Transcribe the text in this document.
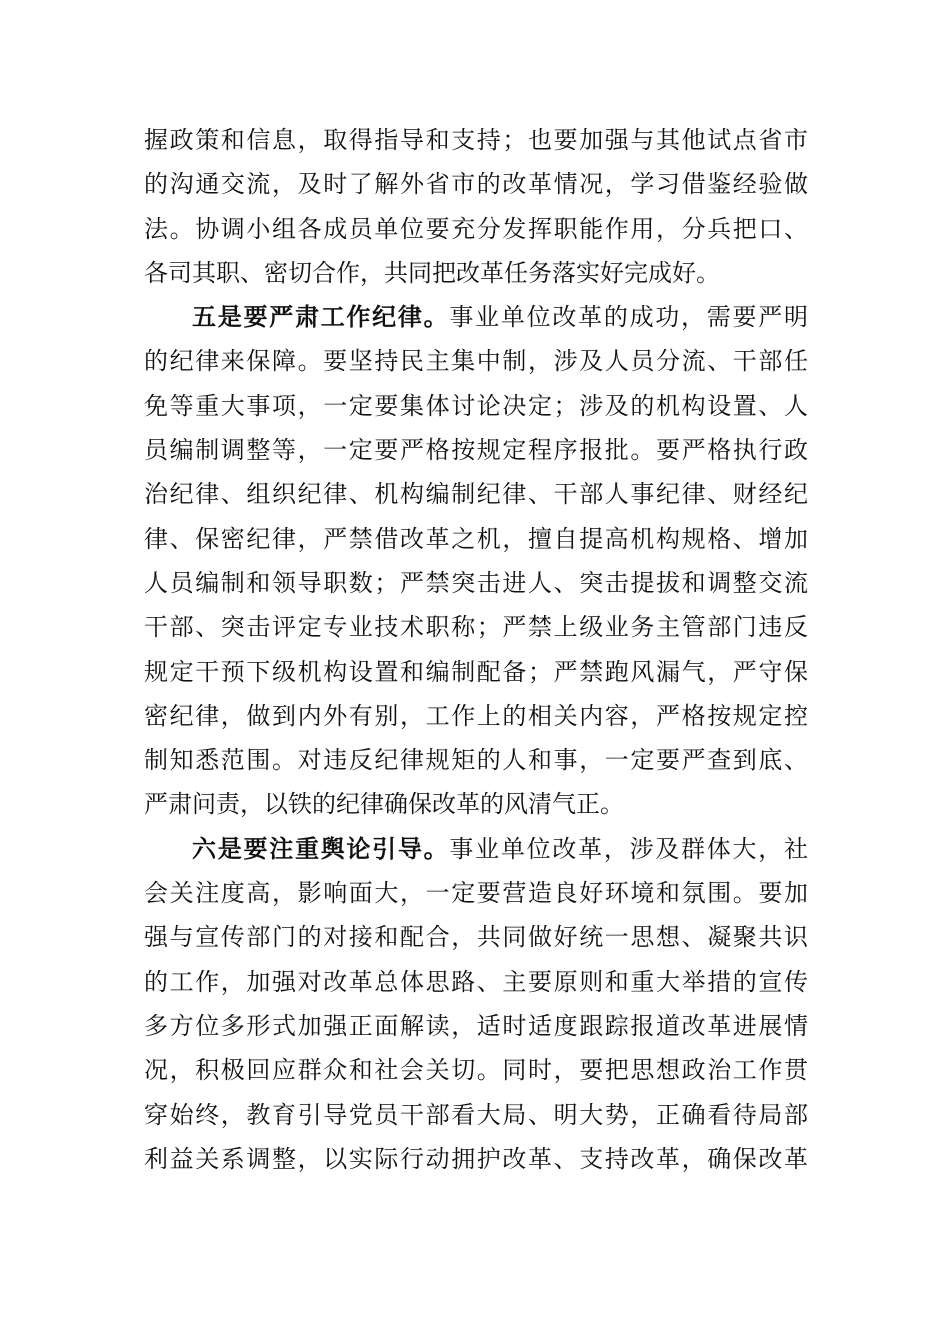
握政策和信息，取得指导和支持；也要加强与其他试点省市
的沟通交流，及时了解外省市的改革情况，学习借鉴经验做
法。协调小组各成员单位要充分发挥职能作用，分兵把口、
各司其职、密切合作，共同把改革任务落实好完成好。
五是要严肃工作纪律。事业单位改革的成功，需要严明
的纪律来保障。要坚持民主集中制，涉及人员分流、干部任
免等重大事项，一定要集体讨论决定；涉及的机构设置、人
员编制调整等，一定要严格按规定程序报批。要严格执行政
治纪律、组织纪律、机构编制纪律、干部人事纪律、财经纪
律、保密纪律，严禁借改革之机，擅自提高机构规格、增加
人员编制和领导职数；严禁突击进人、突击提拔和调整交流
干部、突击评定专业技术职称；严禁上级业务主管部门违反
规定干预下级机构设置和编制配备；严禁跑风漏气，严守保
密纪律，做到内外有别，工作上的相关内容，严格按规定控
制知悉范围。对违反纪律规矩的人和事，一定要严查到底、
严肃问责，以铁的纪律确保改革的风清气正。
六是要注重舆论引导。事业单位改革，涉及群体大，社
会关注度高，影响面大，一定要营造良好环境和氛围。要加
强与宣传部门的对接和配合，共同做好统一思想、凝聚共识
的工作，加强对改革总体思路、主要原则和重大举措的宣传
多方位多形式加强正面解读，适时适度跟踪报道改革进展情
况，积极回应群众和社会关切。同时，要把思想政治工作贯
穿始终，教育引导党员干部看大局、明大势，正确看待局部
利益关系调整，以实际行动拥护改革、支持改革，确保改革
